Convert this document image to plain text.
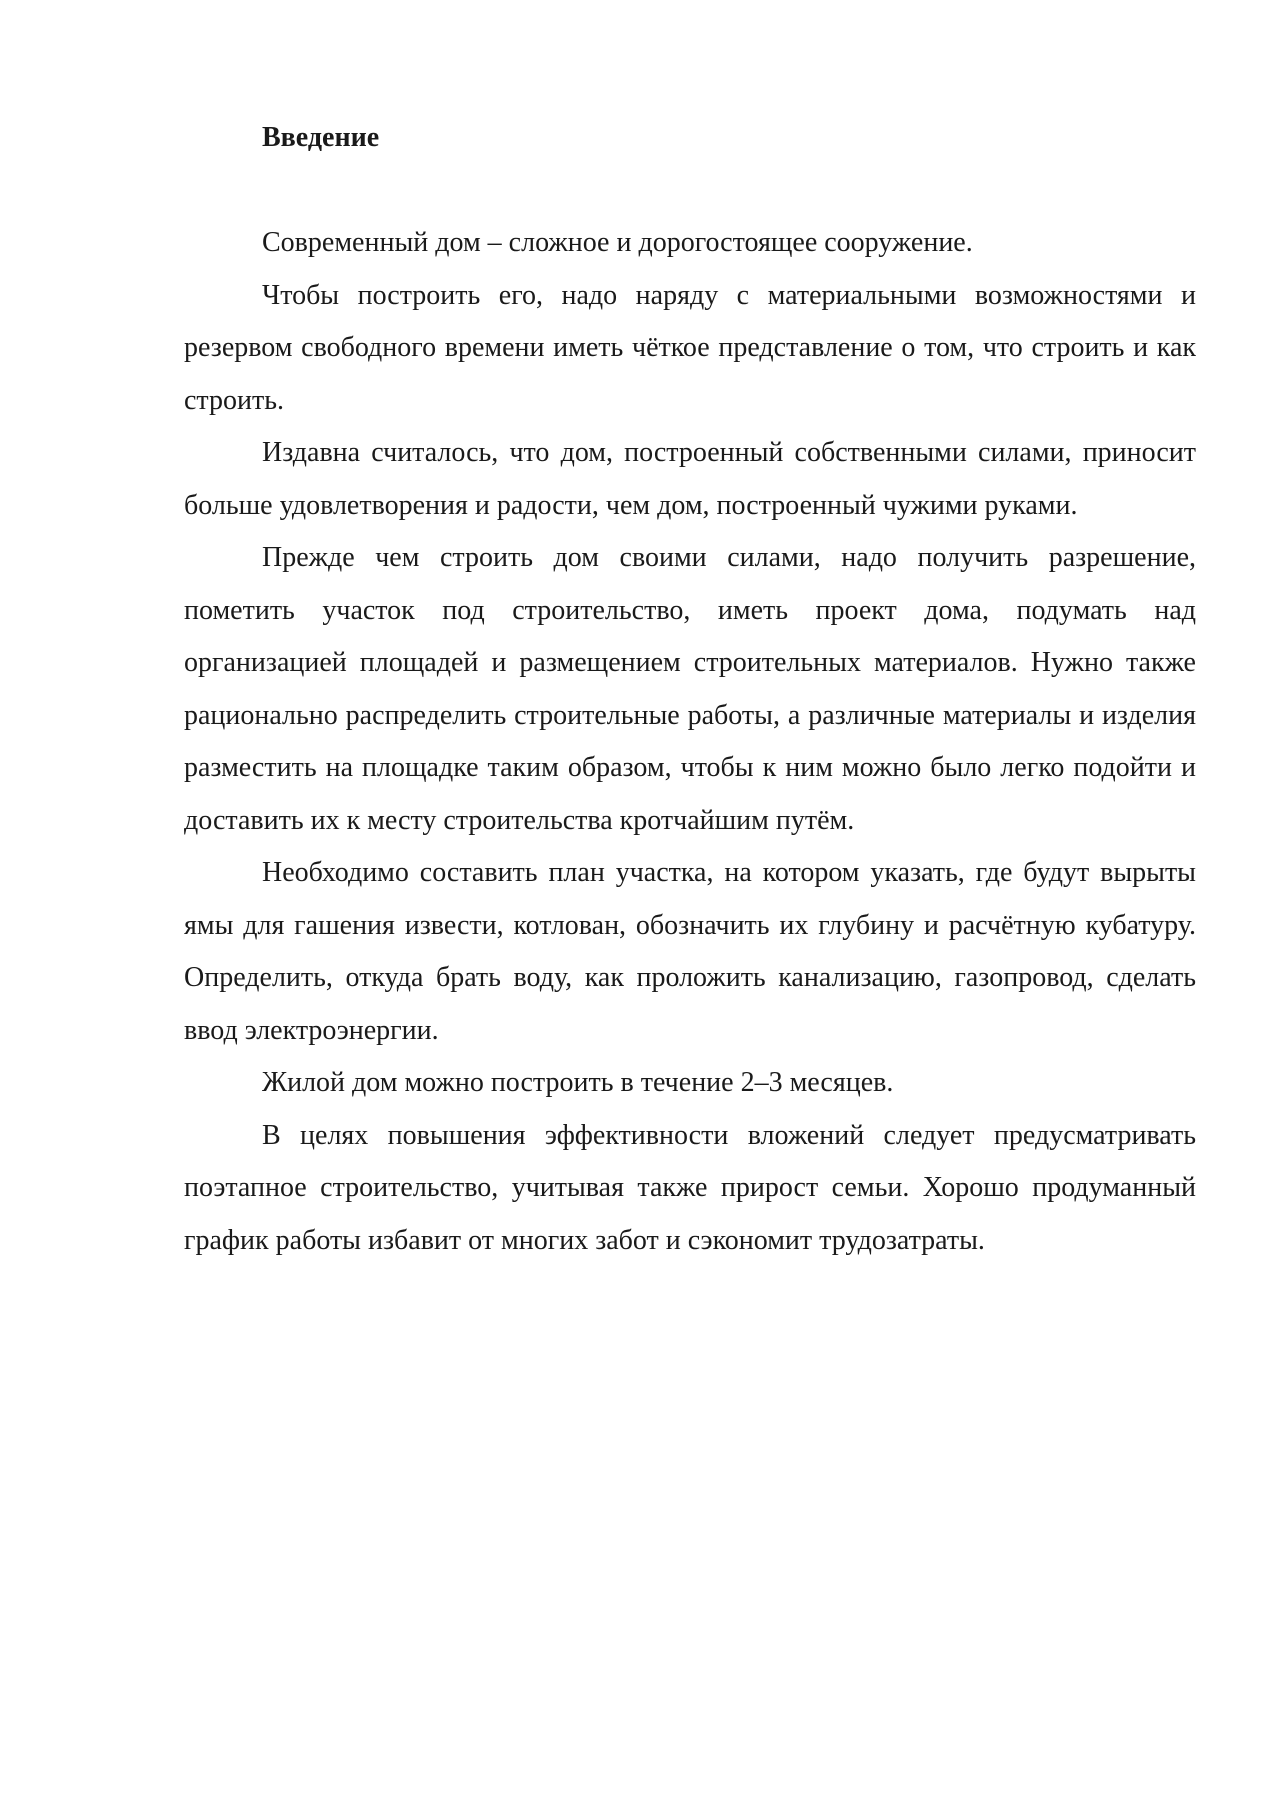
Введение

Современный дом – сложное и дорогостоящее сооружение.

Чтобы построить его, надо наряду с материальными возможностями и резервом свободного времени иметь чёткое представление о том, что строить и как строить.

Издавна считалось, что дом, построенный собственными силами, приносит больше удовлетворения и радости, чем дом, построенный чужими руками.

Прежде чем строить дом своими силами, надо получить разрешение, пометить участок под строительство, иметь проект дома, подумать над организацией площадей и размещением строительных материалов. Нужно также рационально распределить строительные работы, а различные материалы и изделия разместить на площадке таким образом, чтобы к ним можно было легко подойти и доставить их к месту строительства кротчайшим путём.

Необходимо составить план участка, на котором указать, где будут вырыты ямы для гашения извести, котлован, обозначить их глубину и расчётную кубатуру. Определить, откуда брать воду, как проложить канализацию, газопровод, сделать ввод электроэнергии.

Жилой дом можно построить в течение 2–3 месяцев.

В целях повышения эффективности вложений следует предусматривать поэтапное строительство, учитывая также прирост семьи. Хорошо продуманный график работы избавит от многих забот и сэкономит трудозатраты.
